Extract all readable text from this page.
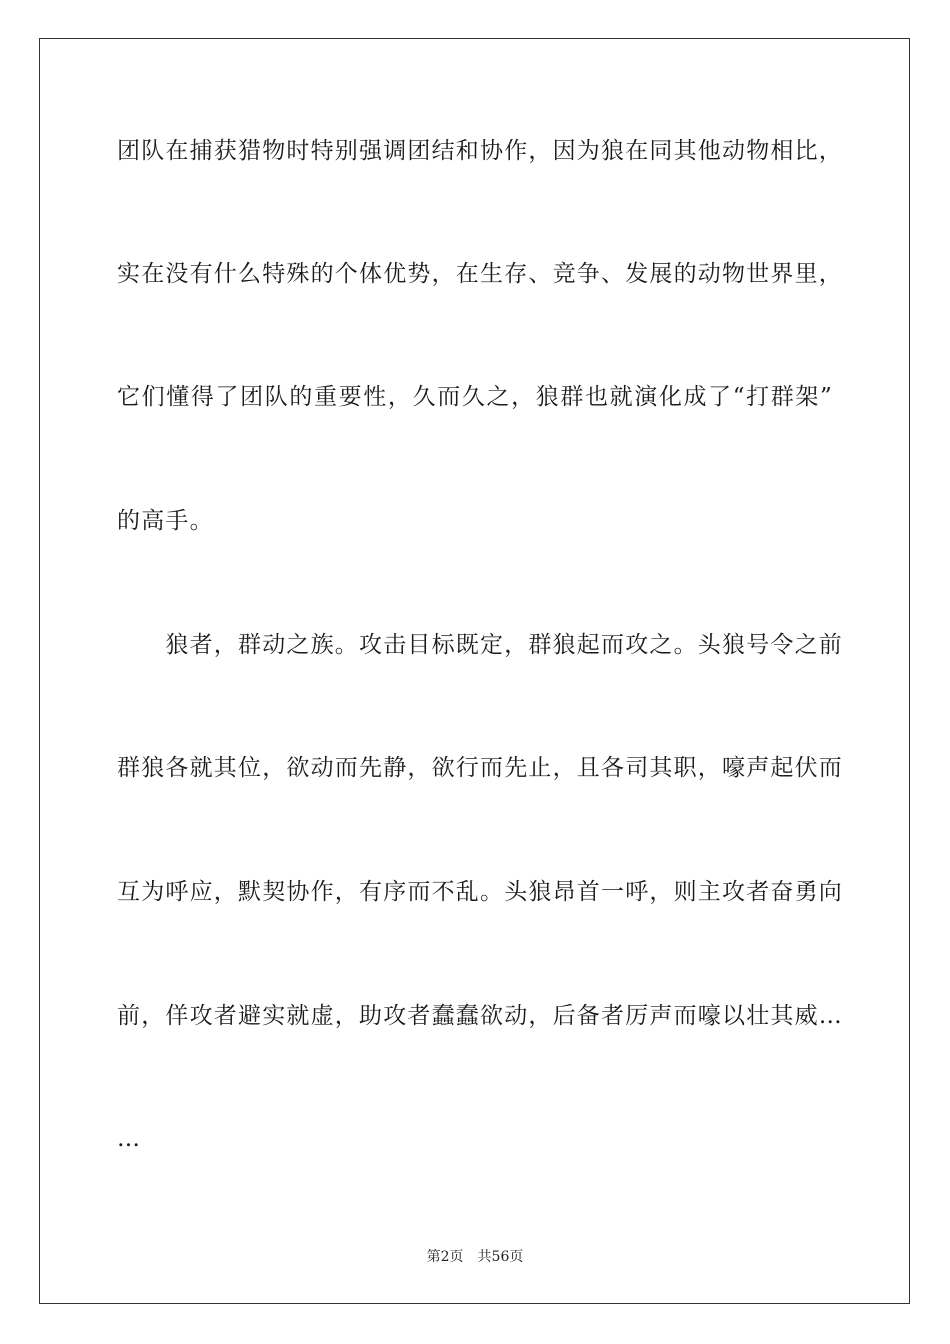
团队在捕获猎物时特别强调团结和协作，因为狼在同其他动物相比，
实在没有什么特殊的个体优势，在生存、竞争、发展的动物世界里，
它们懂得了团队的重要性，久而久之，狼群也就演化成了“打群架”
的高手。
　　狼者，群动之族。攻击目标既定，群狼起而攻之。头狼号令之前
群狼各就其位，欲动而先静，欲行而先止，且各司其职，嚎声起伏而
互为呼应，默契协作，有序而不乱。头狼昂首一呼，则主攻者奋勇向
前，佯攻者避实就虚，助攻者蠢蠢欲动，后备者厉声而嚎以壮其威…
…
第2页 共56页
